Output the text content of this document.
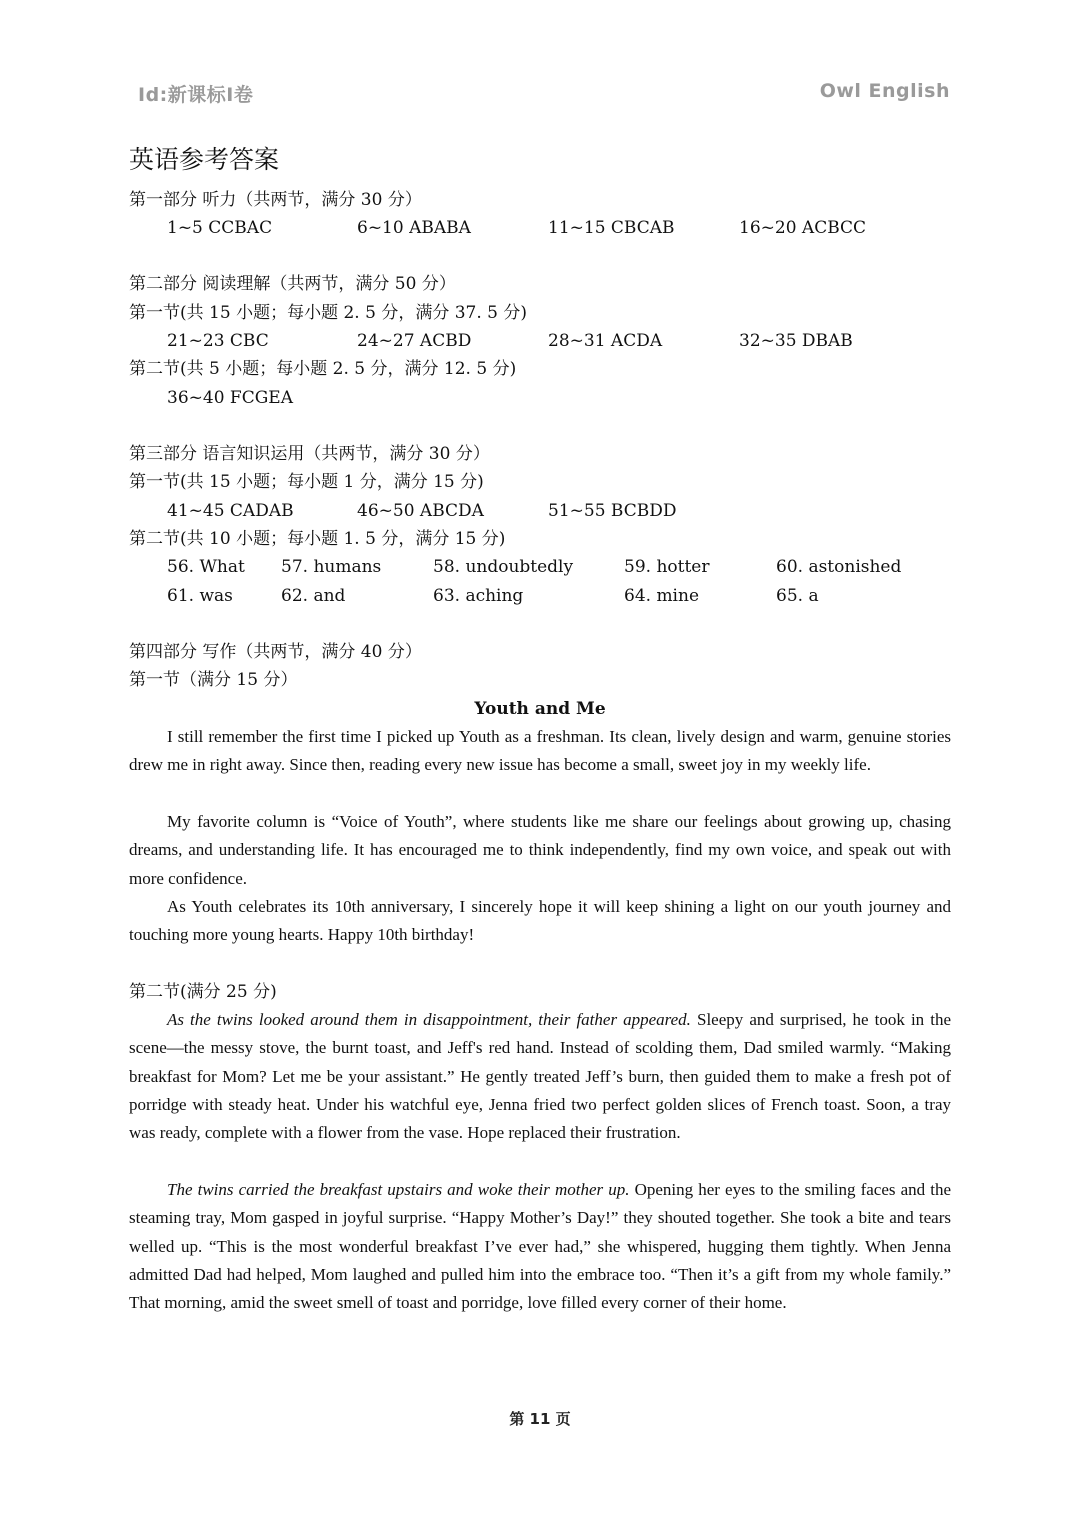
Id:新课标I卷	Owl English
英语参考答案
第一部分 听力（共两节，满分 30 分）
1~5 CCBAC	6~10 ABABA	11~15 CBCAB	16~20 ACBCC
第二部分 阅读理解（共两节，满分 50 分）
第一节(共 15 小题；每小题 2. 5 分，满分 37. 5 分)
21~23 CBC	24~27 ACBD	28~31 ACDA	32~35 DBAB
第二节(共 5 小题；每小题 2. 5 分，满分 12. 5 分)
36~40 FCGEA
第三部分 语言知识运用（共两节，满分 30 分）
第一节(共 15 小题；每小题 1 分，满分 15 分)
41~45 CADAB	46~50 ABCDA	51~55 BCBDD
第二节(共 10 小题；每小题 1. 5 分，满分 15 分)
56. What 57. humans	58. undoubtedly	59. hotter	60. astonished
61. was	62. and	63. aching	64. mine	65. a
第四部分 写作（共两节，满分 40 分）
第一节（满分 15 分）
Youth and Me

I still remember the first time I picked up Youth as a freshman. Its clean, lively design and warm, genuine stories drew me in right away. Since then, reading every new issue has become a small, sweet joy in my weekly life.

My favorite column is “Voice of Youth”, where students like me share our feelings about growing up, chasing dreams, and understanding life. It has encouraged me to think independently, find my own voice, and speak out with more confidence.

As Youth celebrates its 10th anniversary, I sincerely hope it will keep shining a light on our youth journey and touching more young hearts. Happy 10th birthday!

第二节(满分 25 分)

As the twins looked around them in disappointment, their father appeared. Sleepy and surprised, he took in the scene—the messy stove, the burnt toast, and Jeff's red hand. Instead of scolding them, Dad smiled warmly. “Making breakfast for Mom? Let me be your assistant.” He gently treated Jeff’s burn, then guided them to make a fresh pot of porridge with steady heat. Under his watchful eye, Jenna fried two perfect golden slices of French toast. Soon, a tray was ready, complete with a flower from the vase. Hope replaced their frustration.

The twins carried the breakfast upstairs and woke their mother up. Opening her eyes to the smiling faces and the steaming tray, Mom gasped in joyful surprise. “Happy Mother’s Day!” they shouted together. She took a bite and tears welled up. “This is the most wonderful breakfast I’ve ever had,” she whispered, hugging them tightly. When Jenna admitted Dad had helped, Mom laughed and pulled him into the embrace too. “Then it’s a gift from my whole family.” That morning, amid the sweet smell of toast and porridge, love filled every corner of their home.

第 11 页
